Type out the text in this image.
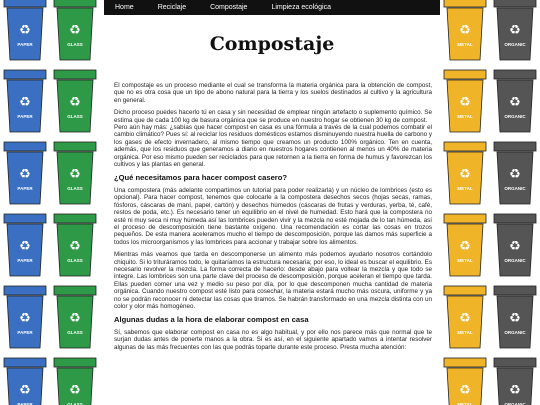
♻
PAPER
♻
GLASS
♻
PAPER
♻
GLASS
♻
PAPER
♻
GLASS
♻
PAPER
♻
GLASS
♻
PAPER
♻
GLASS
♻
PAPER
♻
GLASS
♻
METAL
♻
ORGANIC
♻
METAL
♻
ORGANIC
♻
METAL
♻
ORGANIC
♻
METAL
♻
ORGANIC
♻
METAL
♻
ORGANIC
♻
METAL
♻
ORGANIC
Home	Reciclaje	Compostaje	Limpieza ecológica
Compostaje

El compostaje es un proceso mediante el cual se transforma la materia orgánica para la obtención de compost, que no es otra cosa que un tipo de abono natural para la tierra y los suelos destinados al cultivo y la agricultura en general.

Dicho proceso puedes hacerlo tú en casa y sin necesidad de emplear ningún artefacto o suplemento químico. Se estima que de cada 100 kg de basura orgánica que se produce en nuestro hogar se obtienen 30 kg de compost.

Pero aún hay más: ¿sabías que hacer compost en casa es una fórmula a través de la cual podemos combatir el cambio climático? Pues sí: al reciclar los residuos domésticos estamos disminuyendo nuestra huella de carbono y los gases de efecto invernadero, al mismo tiempo que creamos un producto 100% orgánico. Ten en cuenta, además, que los residuos que generamos a diario en nuestros hogares contienen al menos un 40% de materia orgánica. Por eso mismo pueden ser reciclados para que retornen a la tierra en forma de humus y favorezcan los cultivos y las plantas en general.

¿Qué necesitamos para hacer compost casero?

Una compostera (más adelante compartimos un tutorial para poder realizarla) y un núcleo de lombrices (esto es opcional). Para hacer compost, tenemos que colocarle a la compostera desechos secos (hojas secas, ramas, fósforos, cáscaras de maní, papel, cartón) y desechos húmedos (cáscaras de frutas y verduras, yerba, té, café, restos de poda, etc.). Es necesario tener un equilibrio en el nivel de humedad. Esto hará que la compostera no esté ni muy seca ni muy húmeda así las lombrices pueden vivir y la mezcla no esté mojada de lo tan húmeda, así el proceso de descomposición tiene bastante oxígeno. Una recomendación es cortar las cosas en trozos pequeños. De esta manera aceleramos mucho el tiempo de descomposición, porque las damos más superficie a todos los microorganismos y las lombrices para accionar y trabajar sobre los alimentos.

Mientras más veamos que tarda en descomponerse un alimento más podemos ayudarlo nosotros cortándolo chiquito. Si lo trituráramos todo, le quitaríamos la estructura necesaria; por eso, lo ideal es buscar el equilibrio. Es necesario revolver la mezcla. La forma correcta de hacerlo: desde abajo para voltear la mezcla y que todo se integre. Las lombrices son una parte clave del proceso de descomposición, porque aceleran el tiempo que tarda. Ellas pueden comer una vez y medio su peso por día, por lo que descomponen mucha cantidad de materia orgánica. Cuando nuestro compost esté listo para cosechar, la materia estará mucho más oscura, uniforme y ya no se podrán reconocer ni detectar las cosas que tiramos. Se habrán transformado en una mezcla distinta con un color y olor más homogéneo.

Algunas dudas a la hora de elaborar compost en casa

Sí, sabemos que elaborar compost en casa no es algo habitual, y por ello nos parece más que normal que te surjan dudas antes de ponerte manos a la obra. Si es así, en el siguiente apartado vamos a intentar resolver algunas de las más frecuentes con las que podrás toparte durante este proceso. Presta mucha atención:
